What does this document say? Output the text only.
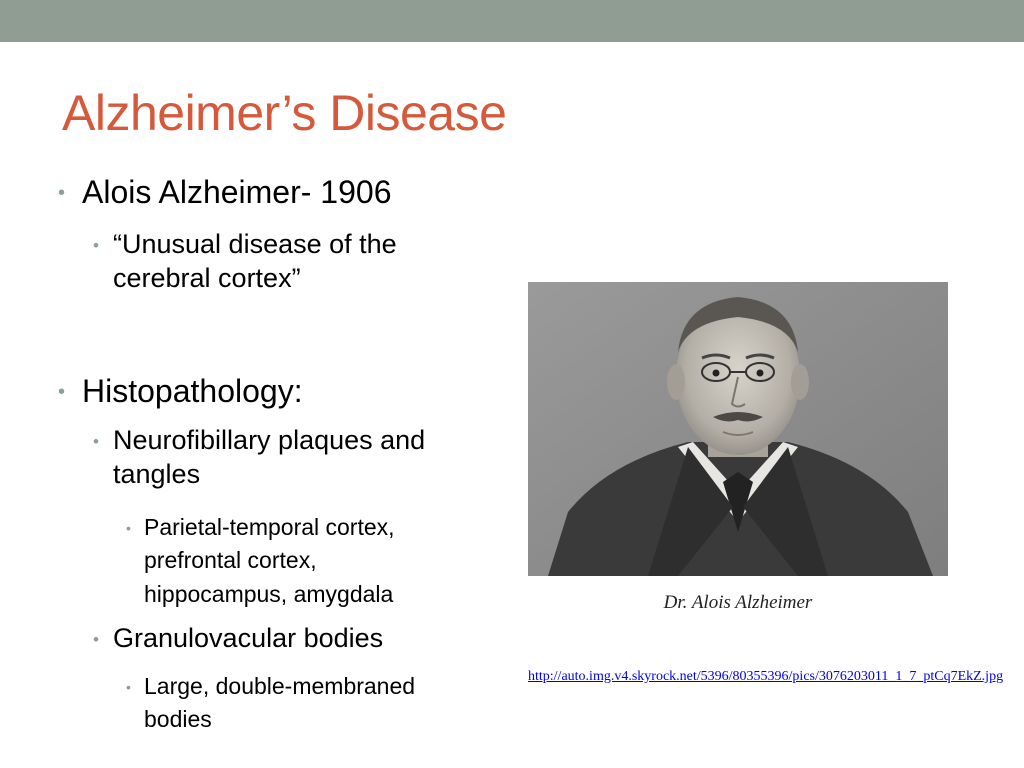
Alzheimer’s Disease
• Alois Alzheimer- 1906
• “Unusual disease of the cerebral cortex”
• Histopathology:
• Neurofibillary plaques and tangles
• Parietal-temporal cortex, prefrontal cortex, hippocampus, amygdala
• Granulovacular bodies
• Large, double-membraned bodies
Dr. Alois Alzheimer
http://auto.img.v4.skyrock.net/5396/80355396/pics/3076203011_1_7_ptCq7EkZ.jpg
